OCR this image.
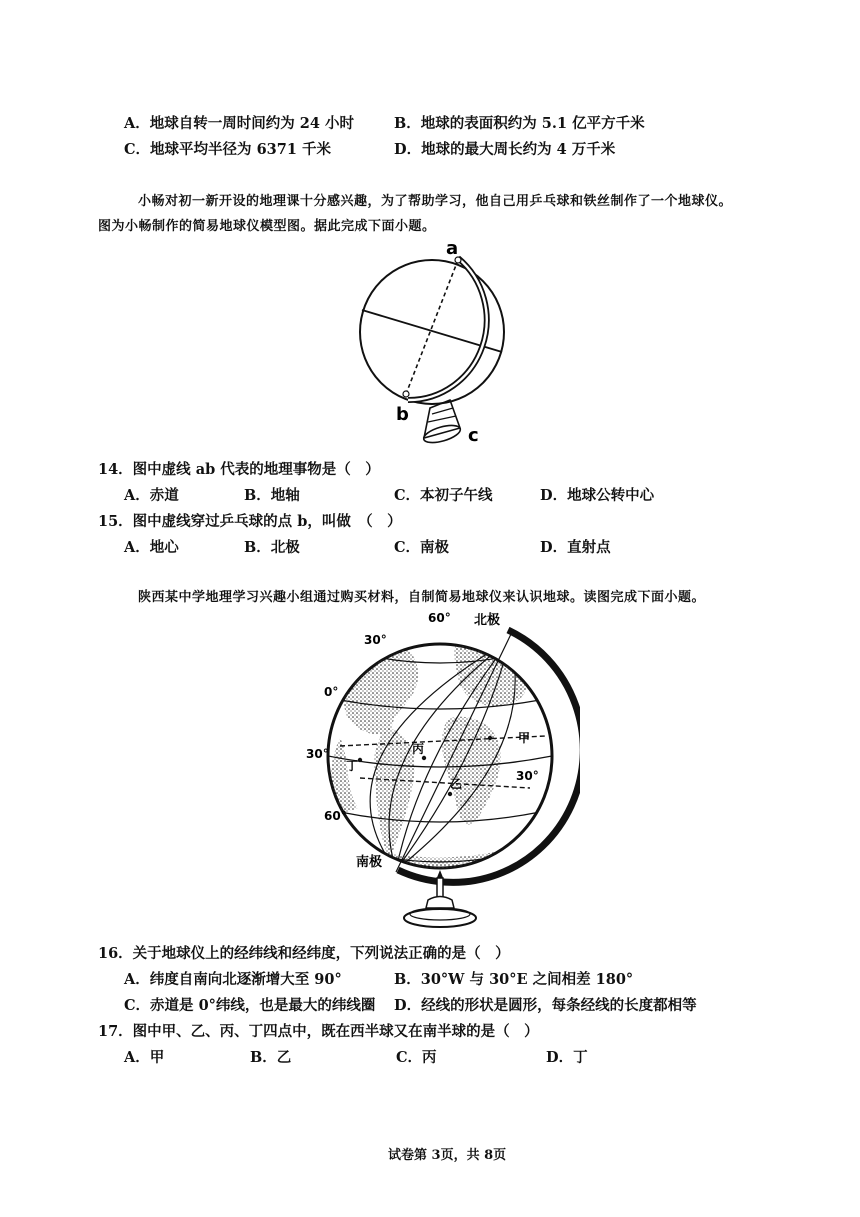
A．地球自转一周时间约为 24 小时	B．地球的表面积约为 5.1 亿平方千米
C．地球平均半径为 6371 千米	D．地球的最大周长约为 4 万千米
小畅对初一新开设的地理课十分感兴趣，为了帮助学习，他自己用乒乓球和铁丝制作了一个地球仪。
图为小畅制作的简易地球仪模型图。据此完成下面小题。
a
b
c
14．图中虚线 ab 代表的地理事物是（　）
A．赤道	B．地轴	C．本初子午线	D．地球公转中心
15．图中虚线穿过乒乓球的点 b，叫做　（　）
A．地心	B．北极	C．南极	D．直射点
陕西某中学地理学习兴趣小组通过购买材料，自制简易地球仪来认识地球。读图完成下面小题。
60° 北极
30°
0°
30°
60°
30°
南极
甲
乙
丙
丁
16．关于地球仪上的经纬线和经纬度，下列说法正确的是（　）
A．纬度自南向北逐渐增大至 90°	B．30°W 与 30°E 之间相差 180°
C．赤道是 0°纬线，也是最大的纬线圈 D．经线的形状是圆形，每条经线的长度都相等
17．图中甲、乙、丙、丁四点中，既在西半球又在南半球的是（　）
A．甲	B．乙	C．丙	D．丁
试卷第 3页，共 8页
